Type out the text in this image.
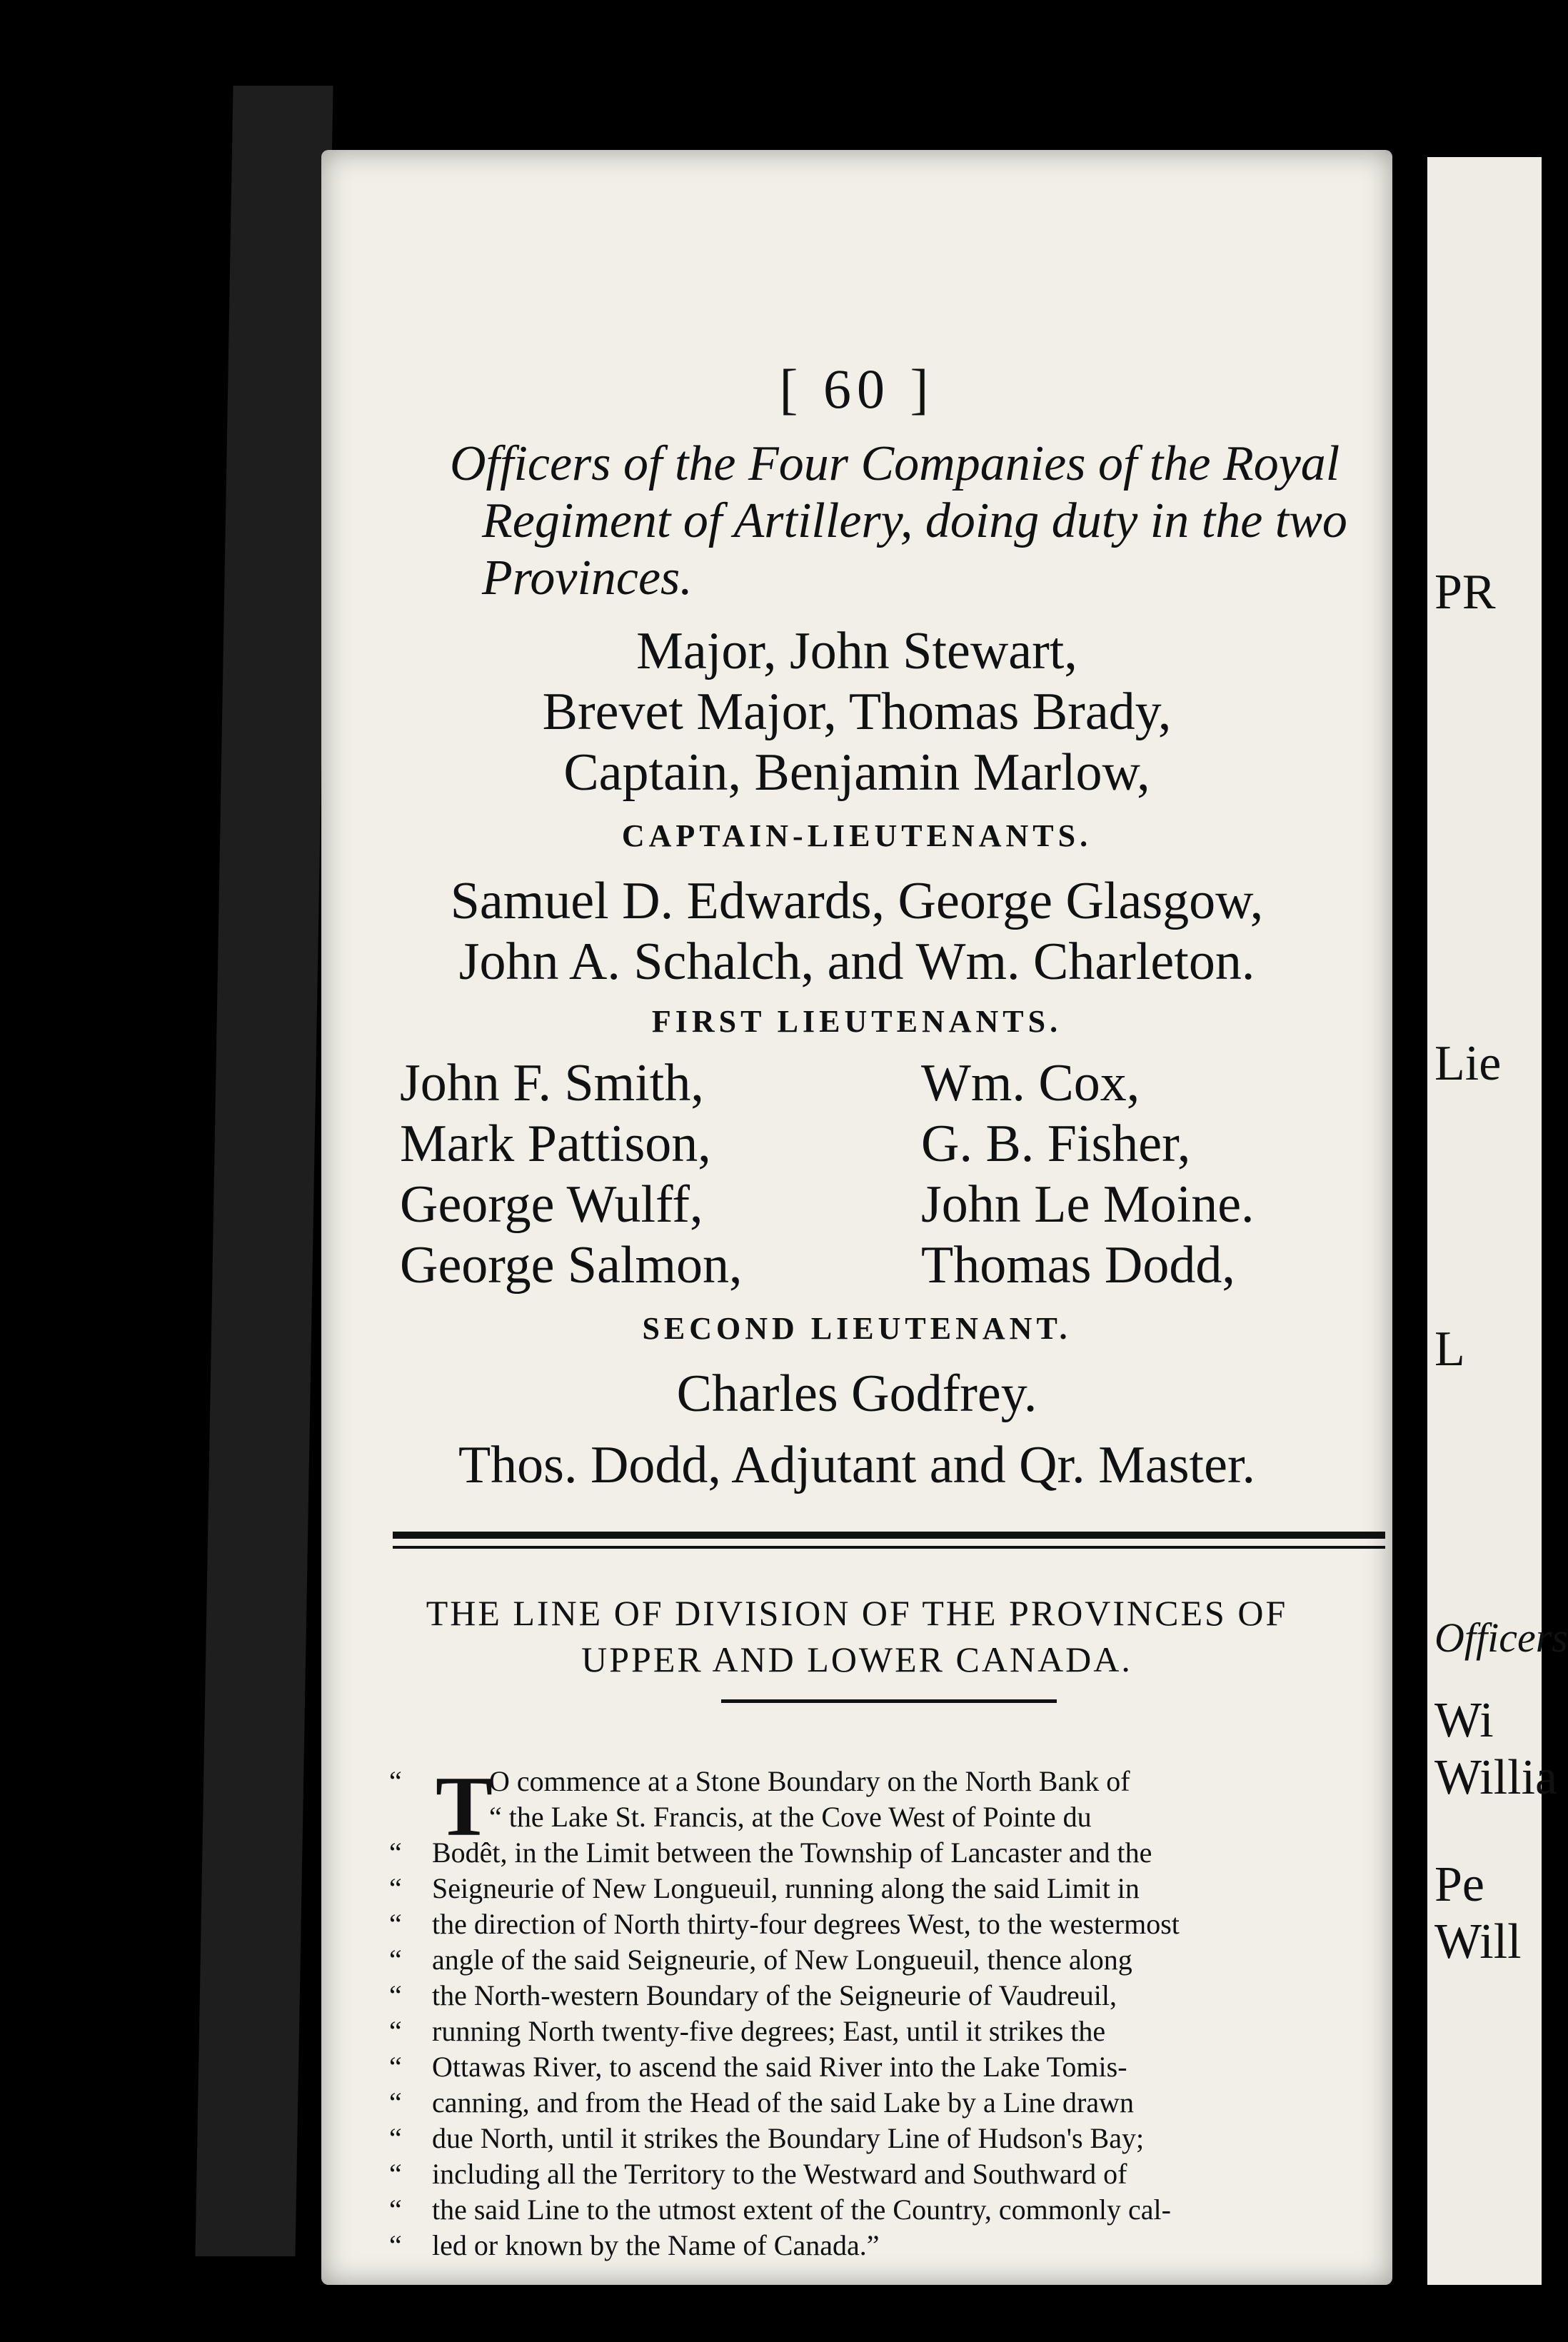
[ 60 ]
Officers of the Four Companies of the Royal
Regiment of Artillery, doing duty in the two
Provinces.
Major, John Stewart,
Brevet Major, Thomas Brady,
Captain, Benjamin Marlow,
CAPTAIN-LIEUTENANTS.
Samuel D. Edwards, George Glasgow,
John A. Schalch, and Wm. Charleton.
FIRST LIEUTENANTS.
John F. Smith,
Mark Pattison,
George Wulff,
George Salmon,
Wm. Cox,
G. B. Fisher,
John Le Moine.
Thomas Dodd,
SECOND LIEUTENANT.
Charles Godfrey.
Thos. Dodd, Adjutant and Qr. Master.
THE LINE OF DIVISION OF THE PROVINCES OF
UPPER AND LOWER CANADA.
“	O commence at a Stone Boundary on the North Bank of
“ the Lake St. Francis, at the Cove West of Pointe du
“ Bodêt, in the Limit between the Township of Lancaster and the
“ Seigneurie of New Longueuil, running along the said Limit in
“ the direction of North thirty-four degrees West, to the westermost
“ angle of the said Seigneurie, of New Longueuil, thence along
“ the North-western Boundary of the Seigneurie of Vaudreuil,
“ running North twenty-five degrees; East, until it strikes the
“ Ottawas River, to ascend the said River into the Lake Tomis-
“ canning, and from the Head of the said Lake by a Line drawn
“ due North, until it strikes the Boundary Line of Hudson's Bay;
“ including all the Territory to the Westward and Southward of
“ the said Line to the utmost extent of the Country, commonly cal-
“ led or known by the Name of Canada.”
T
PR
Lie
L
Officers
Wi
Willia
Pe
Will
